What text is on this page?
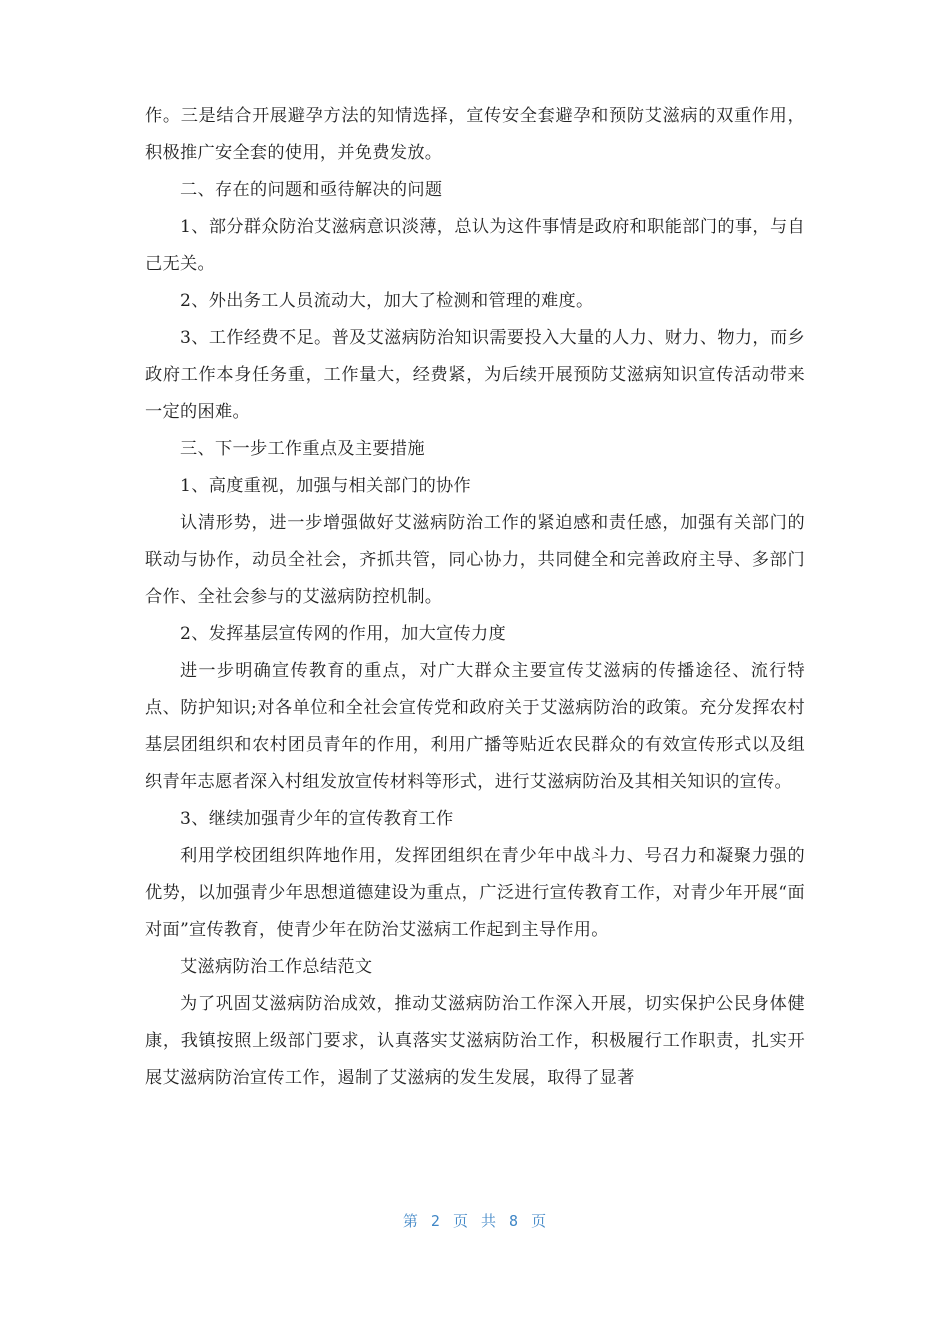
作。三是结合开展避孕方法的知情选择，宣传安全套避孕和预防艾滋病的双重作用，积极推广安全套的使用，并免费发放。

二、存在的问题和亟待解决的问题

1、部分群众防治艾滋病意识淡薄，总认为这件事情是政府和职能部门的事，与自己无关。

2、外出务工人员流动大，加大了检测和管理的难度。

3、工作经费不足。普及艾滋病防治知识需要投入大量的人力、财力、物力，而乡政府工作本身任务重，工作量大，经费紧，为后续开展预防艾滋病知识宣传活动带来一定的困难。

三、下一步工作重点及主要措施

1、高度重视，加强与相关部门的协作

认清形势，进一步增强做好艾滋病防治工作的紧迫感和责任感，加强有关部门的联动与协作，动员全社会，齐抓共管，同心协力，共同健全和完善政府主导、多部门合作、全社会参与的艾滋病防控机制。

2、发挥基层宣传网的作用，加大宣传力度

进一步明确宣传教育的重点，对广大群众主要宣传艾滋病的传播途径、流行特点、防护知识;对各单位和全社会宣传党和政府关于艾滋病防治的政策。充分发挥农村基层团组织和农村团员青年的作用，利用广播等贴近农民群众的有效宣传形式以及组织青年志愿者深入村组发放宣传材料等形式，进行艾滋病防治及其相关知识的宣传。

3、继续加强青少年的宣传教育工作

利用学校团组织阵地作用，发挥团组织在青少年中战斗力、号召力和凝聚力强的优势，以加强青少年思想道德建设为重点，广泛进行宣传教育工作，对青少年开展“面对面”宣传教育，使青少年在防治艾滋病工作起到主导作用。

艾滋病防治工作总结范文

为了巩固艾滋病防治成效，推动艾滋病防治工作深入开展，切实保护公民身体健康，我镇按照上级部门要求，认真落实艾滋病防治工作，积极履行工作职责，扎实开展艾滋病防治宣传工作，遏制了艾滋病的发生发展，取得了显著

第 2 页 共 8 页
